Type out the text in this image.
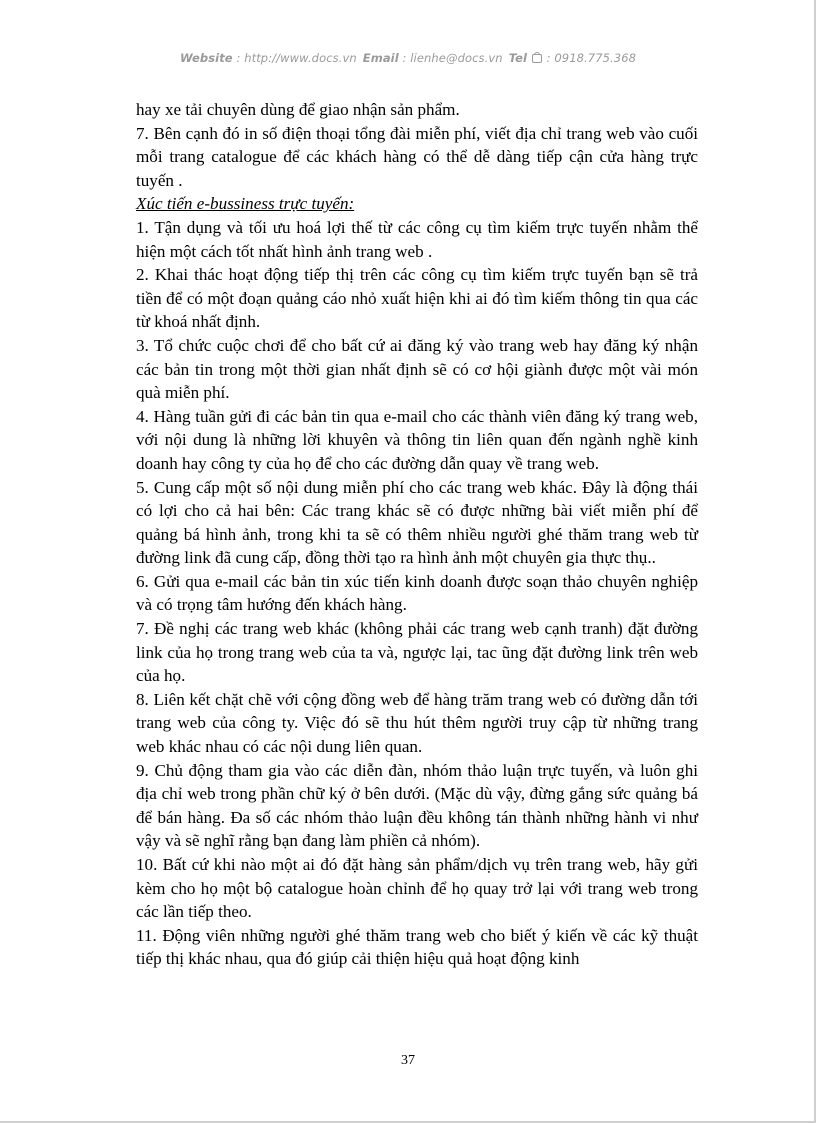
Website : http://www.docs.vn Email : lienhe@docs.vn Tel  : 0918.775.368

hay xe tải chuyên dùng để giao nhận sản phẩm.

7. Bên cạnh đó in số điện thoại tổng đài miễn phí, viết địa chỉ trang web vào cuối mỗi trang catalogue để các khách hàng có thể dễ dàng tiếp cận cửa hàng trực tuyến .

Xúc tiến e-bussiness trực tuyến:

1. Tận dụng và tối ưu hoá lợi thế từ các công cụ tìm kiếm trực tuyến nhằm thể hiện một cách tốt nhất hình ảnh trang web .

2. Khai thác hoạt động tiếp thị trên các công cụ tìm kiếm trực tuyến bạn sẽ trả tiền để có một đoạn quảng cáo nhỏ xuất hiện khi ai đó tìm kiếm thông tin qua các từ khoá nhất định.

3. Tổ chức cuộc chơi để cho bất cứ ai đăng ký vào trang web hay đăng ký nhận các bản tin trong một thời gian nhất định sẽ có cơ hội giành được một vài món quà miễn phí.

4. Hàng tuần gửi đi các bản tin qua e-mail cho các thành viên đăng ký trang web, với nội dung là những lời khuyên và thông tin liên quan đến ngành nghề kinh doanh hay công ty của họ để cho các đường dẫn quay về trang web.

5. Cung cấp một số nội dung miễn phí cho các trang web khác. Đây là động thái có lợi cho cả hai bên: Các trang khác sẽ có được những bài viết miễn phí để quảng bá hình ảnh, trong khi ta sẽ có thêm nhiều người ghé thăm trang web từ đường link đã cung cấp, đồng thời tạo ra hình ảnh một chuyên gia thực thụ..

6. Gửi qua e-mail các bản tin xúc tiến kinh doanh được soạn thảo chuyên nghiệp và có trọng tâm hướng đến khách hàng.

7. Đề nghị các trang web khác (không phải các trang web cạnh tranh) đặt đường link của họ trong trang web của ta và, ngược lại, tac ũng đặt đường link trên web của họ.

8. Liên kết chặt chẽ với cộng đồng web để hàng trăm trang web có đường dẫn tới trang web của công ty. Việc đó sẽ thu hút thêm người truy cập từ những trang web khác nhau có các nội dung liên quan.

9. Chủ động tham gia vào các diễn đàn, nhóm thảo luận trực tuyến, và luôn ghi địa chỉ web trong phần chữ ký ở bên dưới. (Mặc dù vậy, đừng gắng sức quảng bá để bán hàng. Đa số các nhóm thảo luận đều không tán thành những hành vi như vậy và sẽ nghĩ rằng bạn đang làm phiền cả nhóm).

10. Bất cứ khi nào một ai đó đặt hàng sản phẩm/dịch vụ trên trang web, hãy gửi kèm cho họ một bộ catalogue hoàn chỉnh để họ quay trở lại với trang web trong các lần tiếp theo.

11. Động viên những người ghé thăm trang web cho biết ý kiến về các kỹ thuật tiếp thị khác nhau, qua đó giúp cải thiện hiệu quả hoạt động kinh

37
